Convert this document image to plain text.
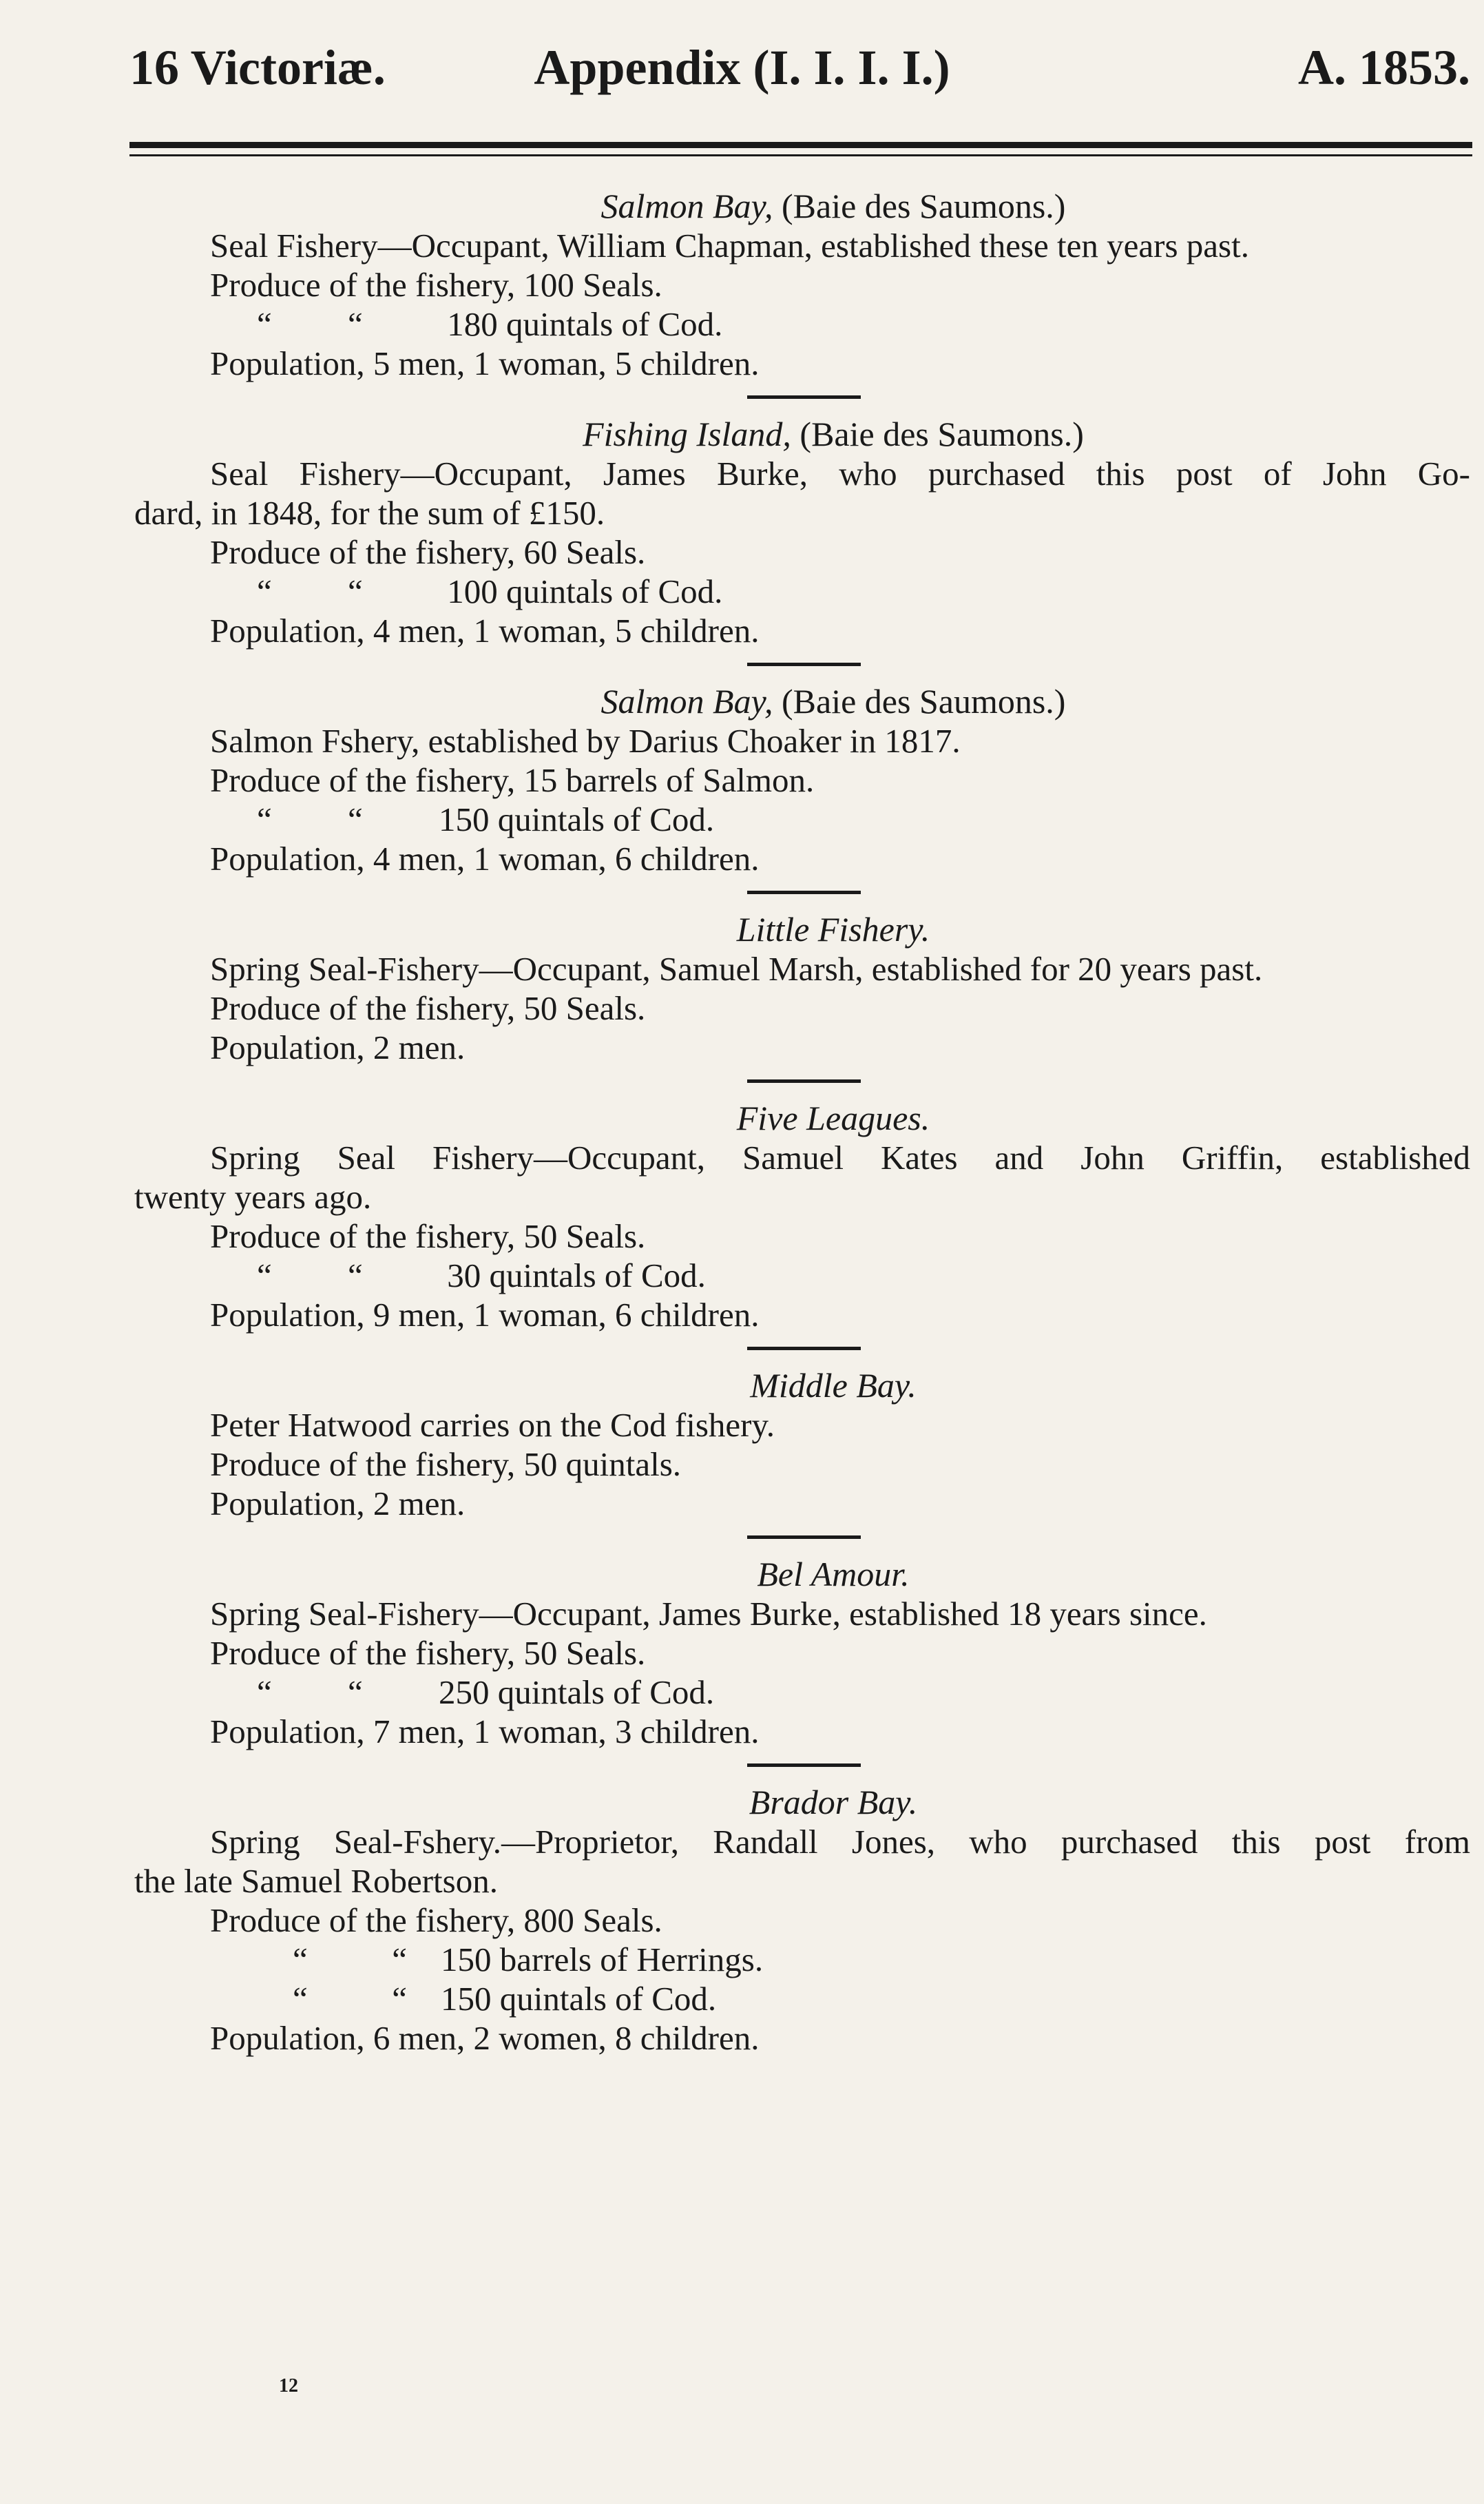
16 Victoriæ.	Appendix (I. I. I. I.)	A. 1853.
Salmon Bay, (Baie des Saumons.)
Seal Fishery—Occupant, William Chapman, established these ten years past.
Produce of the fishery, 100 Seals.
“         “          180 quintals of Cod.
Population, 5 men, 1 woman, 5 children.
Fishing Island, (Baie des Saumons.)
Seal Fishery—Occupant, James Burke, who purchased this post of John Go-
dard, in 1848, for the sum of £150.
Produce of the fishery, 60 Seals.
“         “          100 quintals of Cod.
Population, 4 men, 1 woman, 5 children.
Salmon Bay, (Baie des Saumons.)
Salmon Fshery, established by Darius Choaker in 1817.
Produce of the fishery, 15 barrels of Salmon.
“         “         150 quintals of Cod.
Population, 4 men, 1 woman, 6 children.
Little Fishery.
Spring Seal-Fishery—Occupant, Samuel Marsh, established for 20 years past.
Produce of the fishery, 50 Seals.
Population, 2 men.
Five Leagues.
Spring Seal Fishery—Occupant, Samuel Kates and John Griffin, established
twenty years ago.
Produce of the fishery, 50 Seals.
“         “          30 quintals of Cod.
Population, 9 men, 1 woman, 6 children.
Middle Bay.
Peter Hatwood carries on the Cod fishery.
Produce of the fishery, 50 quintals.
Population, 2 men.
Bel Amour.
Spring Seal-Fishery—Occupant, James Burke, established 18 years since.
Produce of the fishery, 50 Seals.
“         “         250 quintals of Cod.
Population, 7 men, 1 woman, 3 children.
Brador Bay.
Spring Seal-Fshery.—Proprietor, Randall Jones, who purchased this post from
the late Samuel Robertson.
Produce of the fishery, 800 Seals.
“          “    150 barrels of Herrings.
“          “    150 quintals of Cod.
Population, 6 men, 2 women, 8 children.
12
